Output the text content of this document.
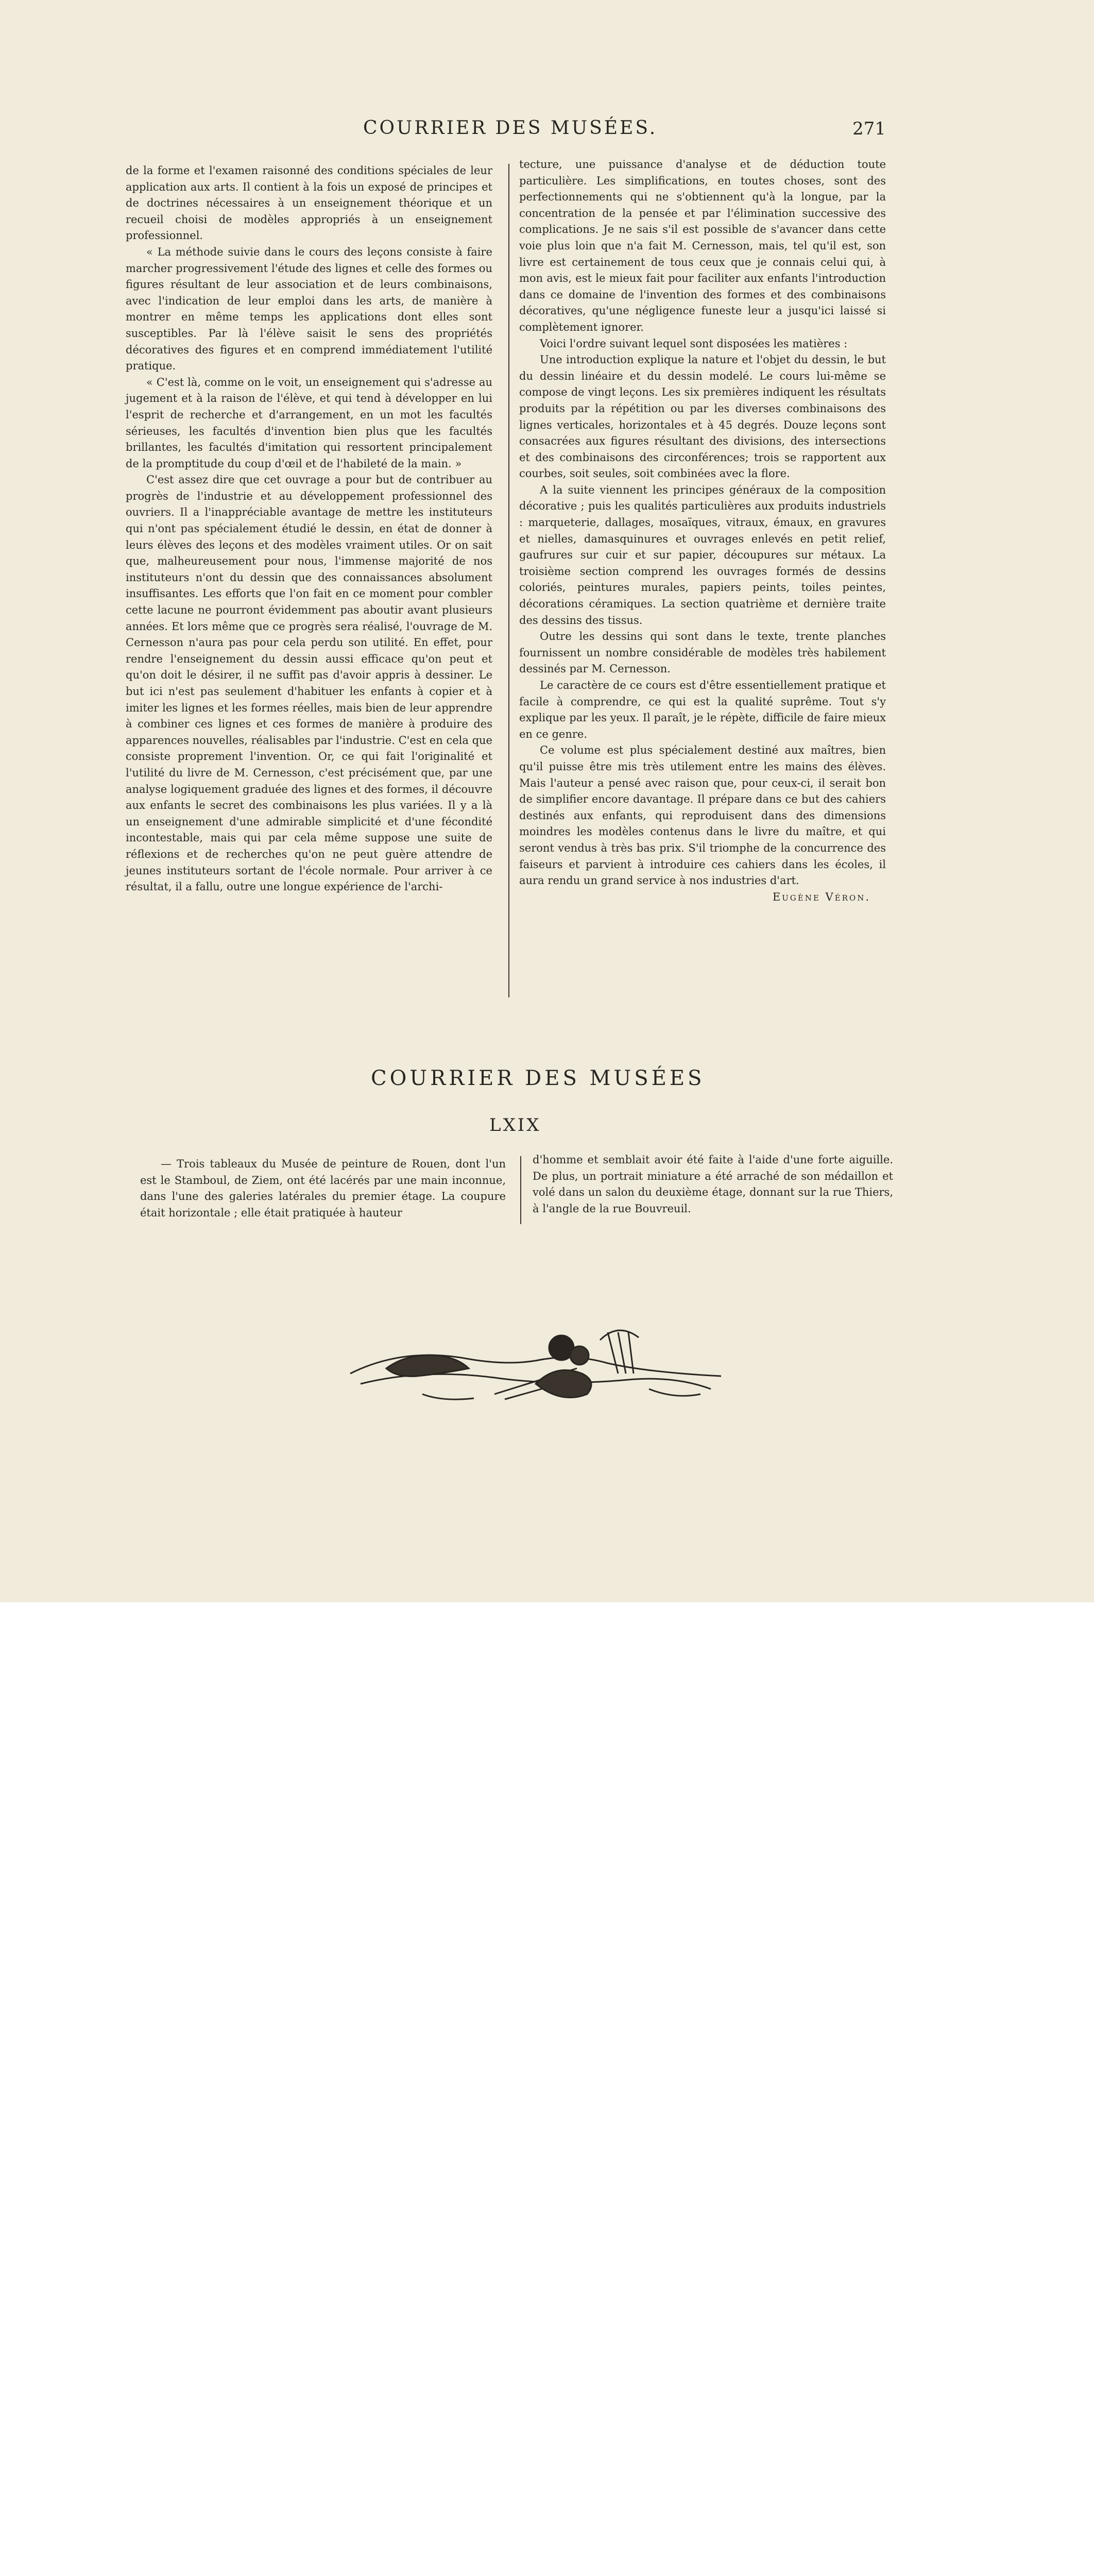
COURRIER DES MUSÉES.	271

de la forme et l'examen raisonné des conditions spéciales de leur application aux arts. Il contient à la fois un exposé de principes et de doctrines nécessaires à un enseignement théorique et un recueil choisi de modèles appropriés à un enseignement professionnel.

« La méthode suivie dans le cours des leçons consiste à faire marcher progressivement l'étude des lignes et celle des formes ou figures résultant de leur association et de leurs combinaisons, avec l'indication de leur emploi dans les arts, de manière à montrer en même temps les applications dont elles sont susceptibles. Par là l'élève saisit le sens des propriétés décoratives des figures et en comprend immédiatement l'utilité pratique.

« C'est là, comme on le voit, un enseignement qui s'adresse au jugement et à la raison de l'élève, et qui tend à développer en lui l'esprit de recherche et d'arrangement, en un mot les facultés sérieuses, les facultés d'invention bien plus que les facultés brillantes, les facultés d'imitation qui ressortent principalement de la promptitude du coup d'œil et de l'habileté de la main. »

C'est assez dire que cet ouvrage a pour but de contribuer au progrès de l'industrie et au développement professionnel des ouvriers. Il a l'inappréciable avantage de mettre les instituteurs qui n'ont pas spécialement étudié le dessin, en état de donner à leurs élèves des leçons et des modèles vraiment utiles. Or on sait que, malheureusement pour nous, l'immense majorité de nos instituteurs n'ont du dessin que des connaissances absolument insuffisantes. Les efforts que l'on fait en ce moment pour combler cette lacune ne pourront évidemment pas aboutir avant plusieurs années. Et lors même que ce progrès sera réalisé, l'ouvrage de M. Cernesson n'aura pas pour cela perdu son utilité. En effet, pour rendre l'enseignement du dessin aussi efficace qu'on peut et qu'on doit le désirer, il ne suffit pas d'avoir appris à dessiner. Le but ici n'est pas seulement d'habituer les enfants à copier et à imiter les lignes et les formes réelles, mais bien de leur apprendre à combiner ces lignes et ces formes de manière à produire des apparences nouvelles, réalisables par l'industrie. C'est en cela que consiste proprement l'invention. Or, ce qui fait l'originalité et l'utilité du livre de M. Cernesson, c'est précisément que, par une analyse logiquement graduée des lignes et des formes, il découvre aux enfants le secret des combinaisons les plus variées. Il y a là un enseignement d'une admirable simplicité et d'une fécondité incontestable, mais qui par cela même suppose une suite de réflexions et de recherches qu'on ne peut guère attendre de jeunes instituteurs sortant de l'école normale. Pour arriver à ce résultat, il a fallu, outre une longue expérience de l'archi-

tecture, une puissance d'analyse et de déduction toute particulière. Les simplifications, en toutes choses, sont des perfectionnements qui ne s'obtiennent qu'à la longue, par la concentration de la pensée et par l'élimination successive des complications. Je ne sais s'il est possible de s'avancer dans cette voie plus loin que n'a fait M. Cernesson, mais, tel qu'il est, son livre est certainement de tous ceux que je connais celui qui, à mon avis, est le mieux fait pour faciliter aux enfants l'introduction dans ce domaine de l'invention des formes et des combinaisons décoratives, qu'une négligence funeste leur a jusqu'ici laissé si complètement ignorer.

Voici l'ordre suivant lequel sont disposées les matières :

Une introduction explique la nature et l'objet du dessin, le but du dessin linéaire et du dessin modelé. Le cours lui-même se compose de vingt leçons. Les six premières indiquent les résultats produits par la répétition ou par les diverses combinaisons des lignes verticales, horizontales et à 45 degrés. Douze leçons sont consacrées aux figures résultant des divisions, des intersections et des combinaisons des circonférences; trois se rapportent aux courbes, soit seules, soit combinées avec la flore.

A la suite viennent les principes généraux de la composition décorative ; puis les qualités particulières aux produits industriels : marqueterie, dallages, mosaïques, vitraux, émaux, en gravures et nielles, damasquinures et ouvrages enlevés en petit relief, gaufrures sur cuir et sur papier, découpures sur métaux. La troisième section comprend les ouvrages formés de dessins coloriés, peintures murales, papiers peints, toiles peintes, décorations céramiques. La section quatrième et dernière traite des dessins des tissus.

Outre les dessins qui sont dans le texte, trente planches fournissent un nombre considérable de modèles très habilement dessinés par M. Cernesson.

Le caractère de ce cours est d'être essentiellement pratique et facile à comprendre, ce qui est la qualité suprême. Tout s'y explique par les yeux. Il paraît, je le répète, difficile de faire mieux en ce genre.

Ce volume est plus spécialement destiné aux maîtres, bien qu'il puisse être mis très utilement entre les mains des élèves. Mais l'auteur a pensé avec raison que, pour ceux-ci, il serait bon de simplifier encore davantage. Il prépare dans ce but des cahiers destinés aux enfants, qui reproduisent dans des dimensions moindres les modèles contenus dans le livre du maître, et qui seront vendus à très bas prix. S'il triomphe de la concurrence des faiseurs et parvient à introduire ces cahiers dans les écoles, il aura rendu un grand service à nos industries d'art.

Eugène Véron.

COURRIER DES MUSÉES
LXIX

— Trois tableaux du Musée de peinture de Rouen, dont l'un est le Stamboul, de Ziem, ont été lacérés par une main inconnue, dans l'une des galeries latérales du premier étage. La coupure était horizontale ; elle était pratiquée à hauteur

d'homme et semblait avoir été faite à l'aide d'une forte aiguille. De plus, un portrait miniature a été arraché de son médaillon et volé dans un salon du deuxième étage, donnant sur la rue Thiers, à l'angle de la rue Bouvreuil.
